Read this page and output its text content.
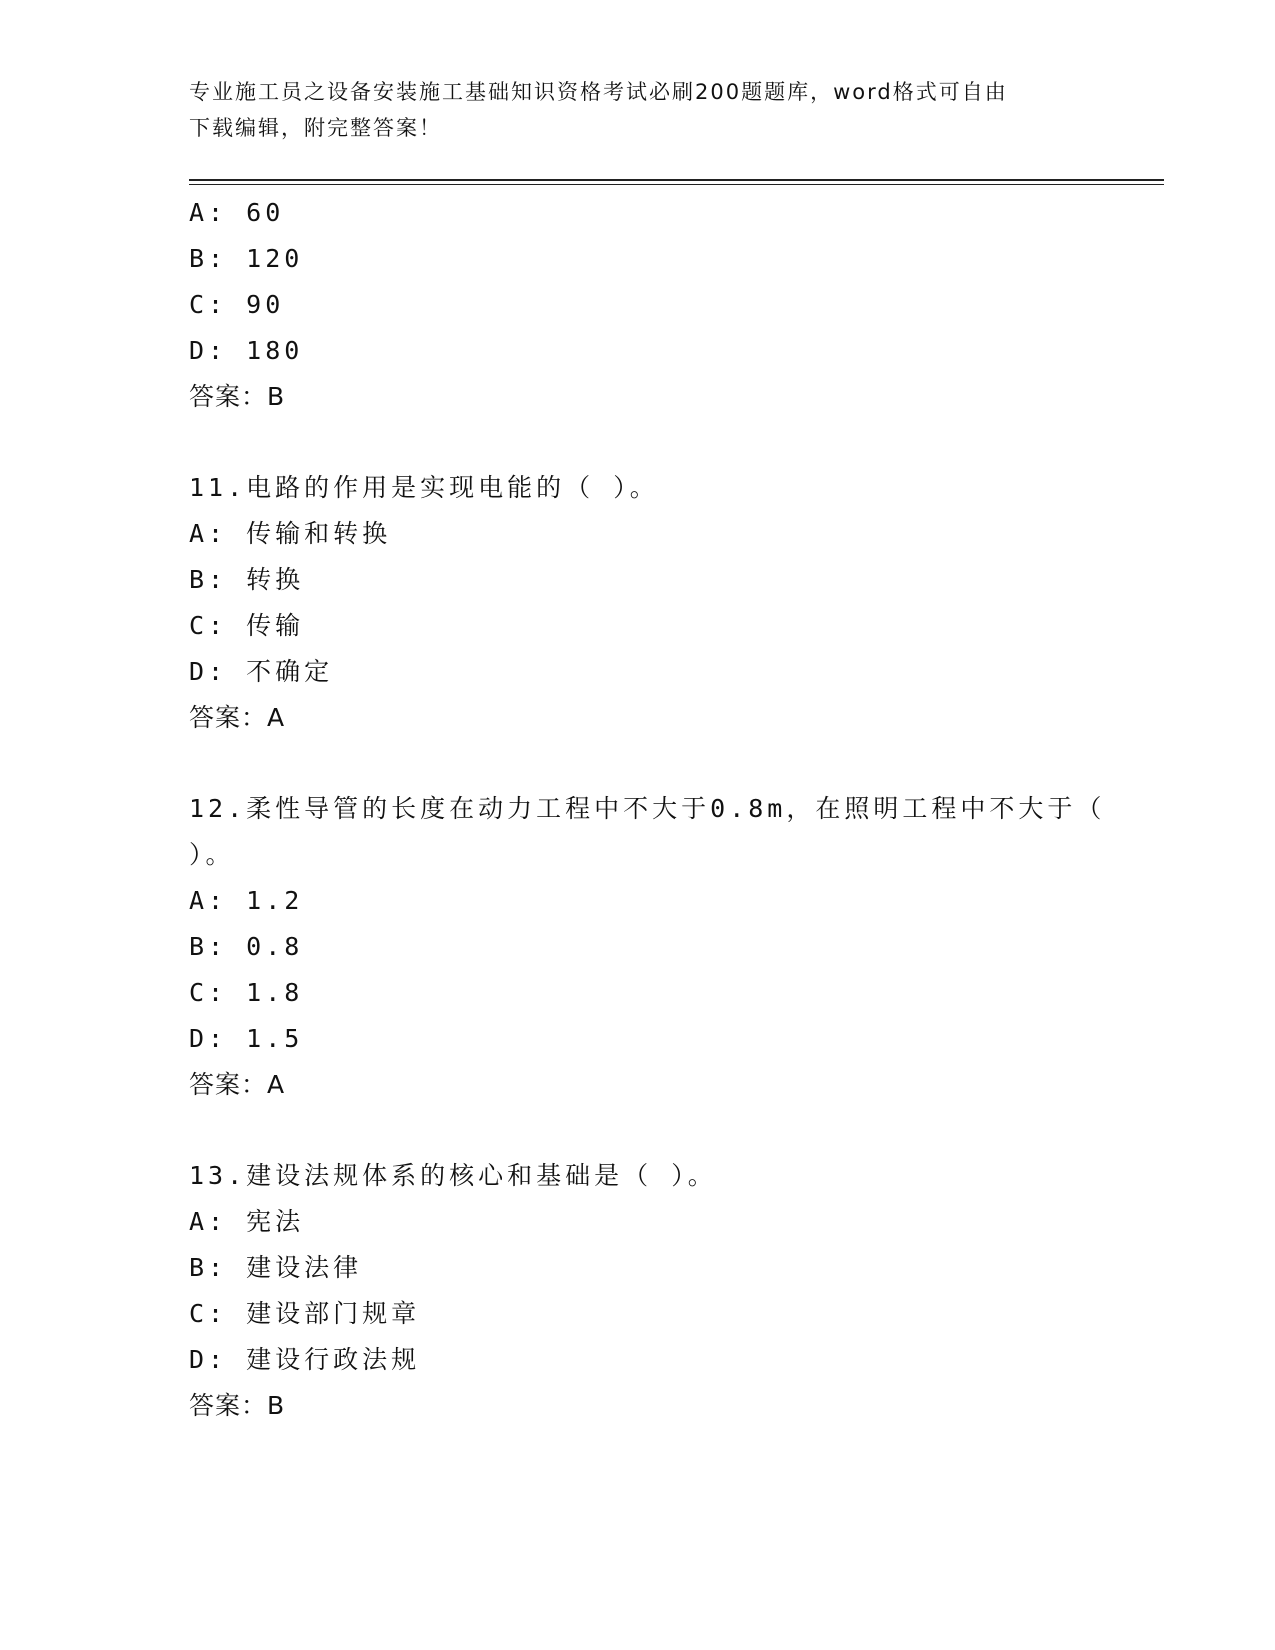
专业施工员之设备安装施工基础知识资格考试必刷200题题库，word格式可自由
下载编辑，附完整答案！
A: 60
B: 120
C: 90
D: 180
答案：B
11.电路的作用是实现电能的（ ）。
A: 传输和转换
B: 转换
C: 传输
D: 不确定
答案：A
12.柔性导管的长度在动力工程中不大于0.8m，在照明工程中不大于（
）。
A: 1.2
B: 0.8
C: 1.8
D: 1.5
答案：A
13.建设法规体系的核心和基础是（ ）。
A: 宪法
B: 建设法律
C: 建设部门规章
D: 建设行政法规
答案：B
